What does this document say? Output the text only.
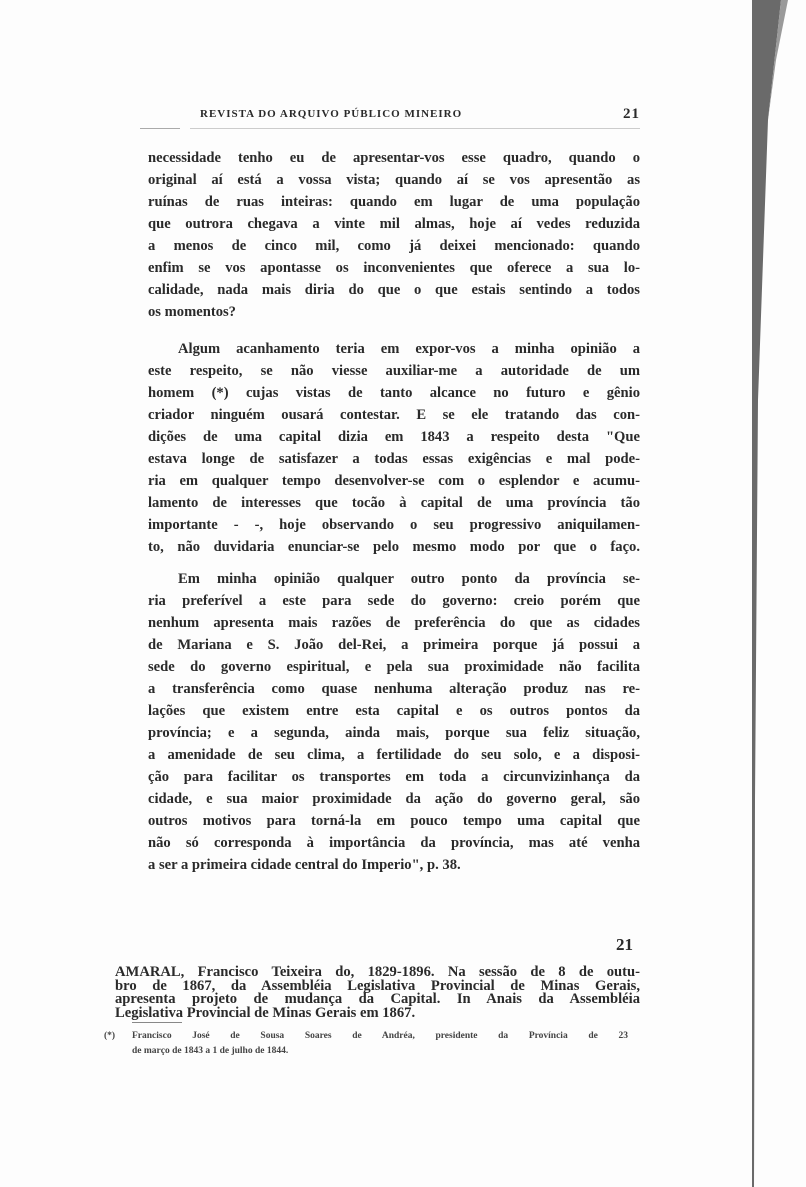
REVISTA DO ARQUIVO PÚBLICO MINEIRO	21
necessidade tenho eu de apresentar-vos esse quadro, quando o
original aí está a vossa vista; quando aí se vos apresentão as
ruínas de ruas inteiras: quando em lugar de uma população
que outrora chegava a vinte mil almas, hoje aí vedes reduzida
a menos de cinco mil, como já deixei mencionado: quando
enfim se vos apontasse os inconvenientes que oferece a sua lo-
calidade, nada mais diria do que o que estais sentindo a todos
os momentos?
Algum acanhamento teria em expor-vos a minha opinião a
este respeito, se não viesse auxiliar-me a autoridade de um
homem (*) cujas vistas de tanto alcance no futuro e gênio
criador ninguém ousará contestar. E se ele tratando das con-
dições de uma capital dizia em 1843 a respeito desta "Que
estava longe de satisfazer a todas essas exigências e mal pode-
ria em qualquer tempo desenvolver-se com o esplendor e acumu-
lamento de interesses que tocão à capital de uma província tão
importante - -, hoje observando o seu progressivo aniquilamen-
to, não duvidaria enunciar-se pelo mesmo modo por que o faço.
Em minha opinião qualquer outro ponto da província se-
ria preferível a este para sede do governo: creio porém que
nenhum apresenta mais razões de preferência do que as cidades
de Mariana e S. João del-Rei, a primeira porque já possui a
sede do governo espiritual, e pela sua proximidade não facilita
a transferência como quase nenhuma alteração produz nas re-
lações que existem entre esta capital e os outros pontos da
província; e a segunda, ainda mais, porque sua feliz situação,
a amenidade de seu clima, a fertilidade do seu solo, e a disposi-
ção para facilitar os transportes em toda a circunvizinhança da
cidade, e sua maior proximidade da ação do governo geral, são
outros motivos para torná-la em pouco tempo uma capital que
não só corresponda à importância da província, mas até venha
a ser a primeira cidade central do Imperio", p. 38.
21
AMARAL, Francisco Teixeira do, 1829-1896. Na sessão de 8 de outu-
bro de 1867, da Assembléia Legislativa Provincial de Minas Gerais,
apresenta projeto de mudança da Capital. In Anais da Assembléia
Legislativa Provincial de Minas Gerais em 1867.
(*) Francisco José de Sousa Soares de Andréa, presidente da Província de 23
de março de 1843 a 1 de julho de 1844.
